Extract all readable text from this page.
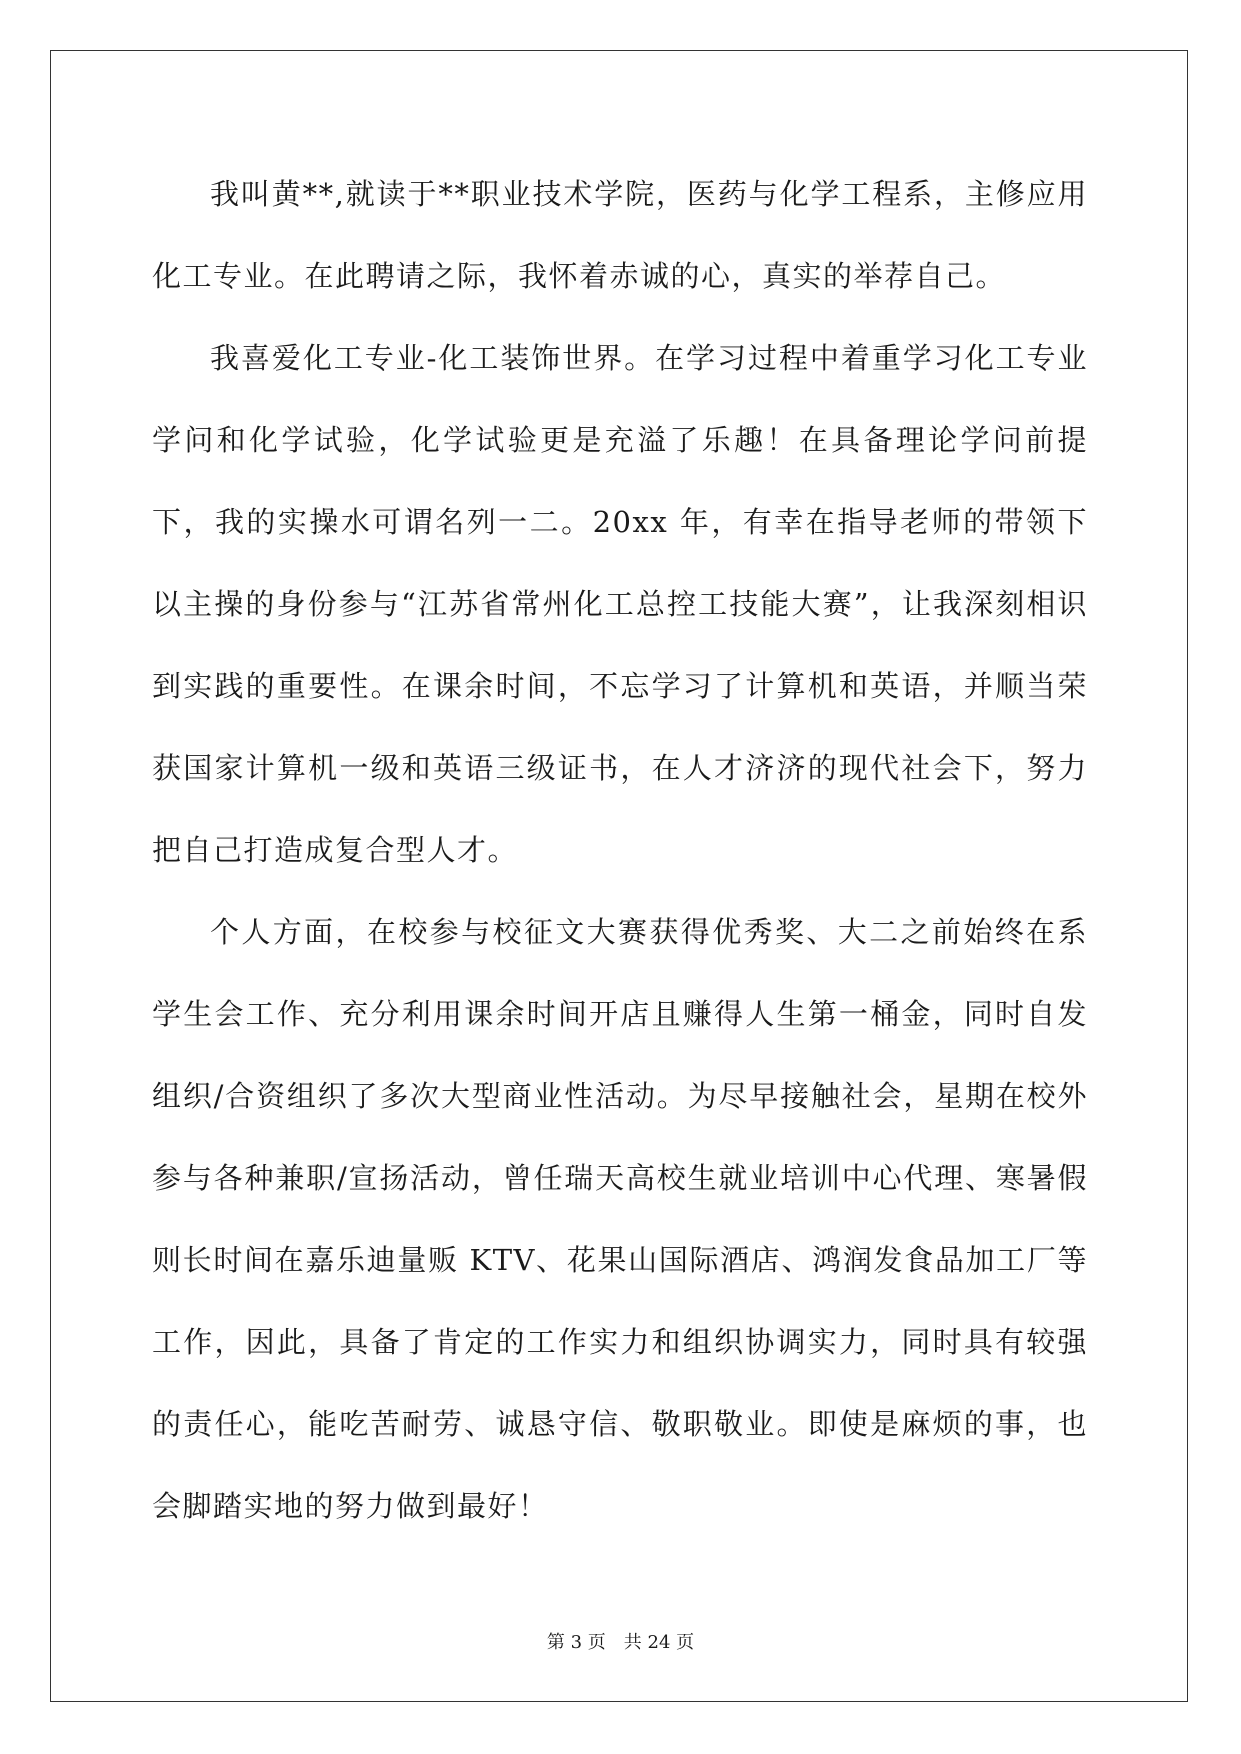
我叫黄**,就读于**职业技术学院，医药与化学工程系，主修应用化工专业。在此聘请之际，我怀着赤诚的心，真实的举荐自己。

我喜爱化工专业-化工装饰世界。在学习过程中着重学习化工专业学问和化学试验，化学试验更是充溢了乐趣！在具备理论学问前提下，我的实操水可谓名列一二。20xx 年，有幸在指导老师的带领下以主操的身份参与“江苏省常州化工总控工技能大赛”，让我深刻相识到实践的重要性。在课余时间，不忘学习了计算机和英语，并顺当荣获国家计算机一级和英语三级证书，在人才济济的现代社会下，努力把自己打造成复合型人才。

个人方面，在校参与校征文大赛获得优秀奖、大二之前始终在系学生会工作、充分利用课余时间开店且赚得人生第一桶金，同时自发组织/合资组织了多次大型商业性活动。为尽早接触社会，星期在校外参与各种兼职/宣扬活动，曾任瑞天高校生就业培训中心代理、寒暑假则长时间在嘉乐迪量贩 KTV、花果山国际酒店、鸿润发食品加工厂等工作，因此，具备了肯定的工作实力和组织协调实力，同时具有较强的责任心，能吃苦耐劳、诚恳守信、敬职敬业。即使是麻烦的事，也会脚踏实地的努力做到最好！

第 3 页　共 24 页
